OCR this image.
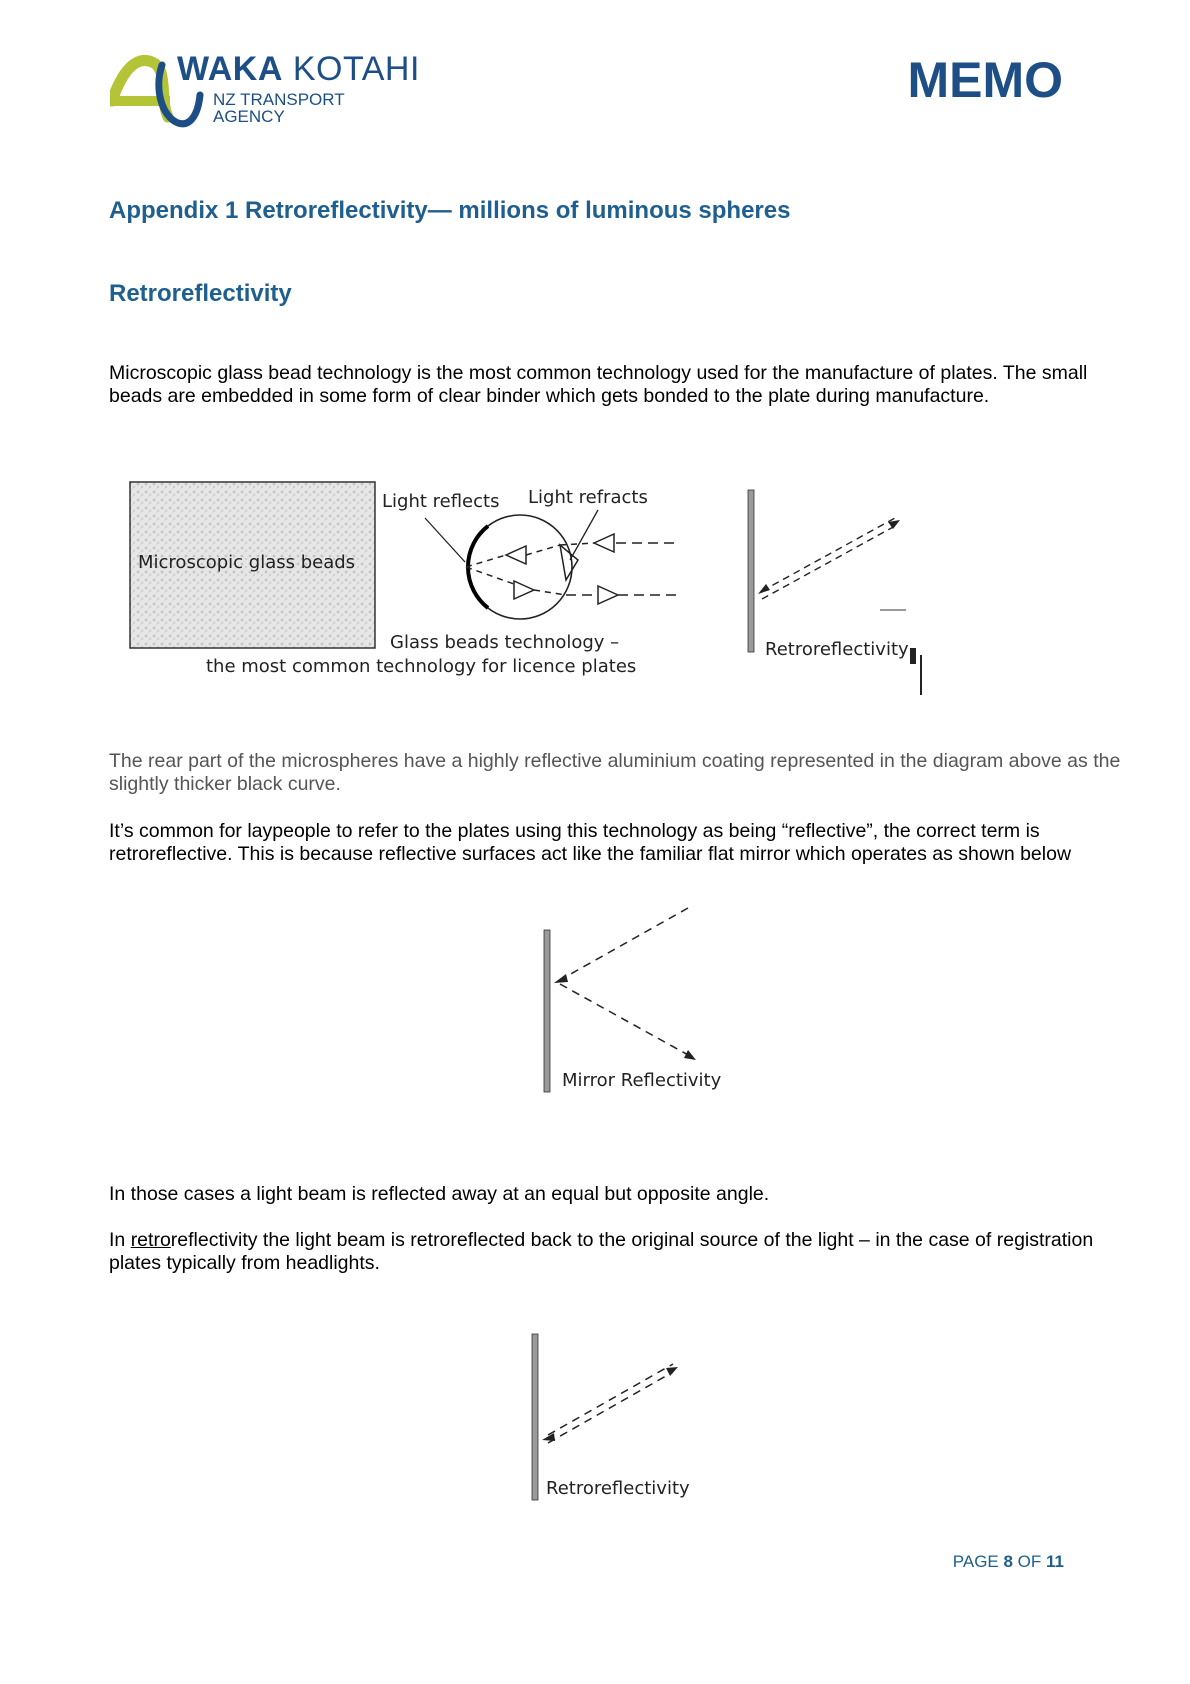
WAKA KOTAHI
NZ TRANSPORT
AGENCY
MEMO
Appendix 1 Retroreflectivity— millions of luminous spheres
Retroreflectivity
Microscopic glass bead technology is the most common technology used for the manufacture of plates. The small beads are embedded in some form of clear binder which gets bonded to the plate during manufacture.
Microscopic glass beads
Light reflects Light refracts
Glass beads technology –
the most common technology for licence plates
Retroreflectivity
The rear part of the microspheres have a highly reflective aluminium coating represented in the diagram above as the slightly thicker black curve.
It’s common for laypeople to refer to the plates using this technology as being “reflective”, the correct term is retroreflective. This is because reflective surfaces act like the familiar flat mirror which operates as shown below
Mirror Reflectivity
In those cases a light beam is reflected away at an equal but opposite angle.
In retroreflectivity the light beam is retroreflected back to the original source of the light – in the case of registration plates typically from headlights.
Retroreflectivity
PAGE 8 OF 11
